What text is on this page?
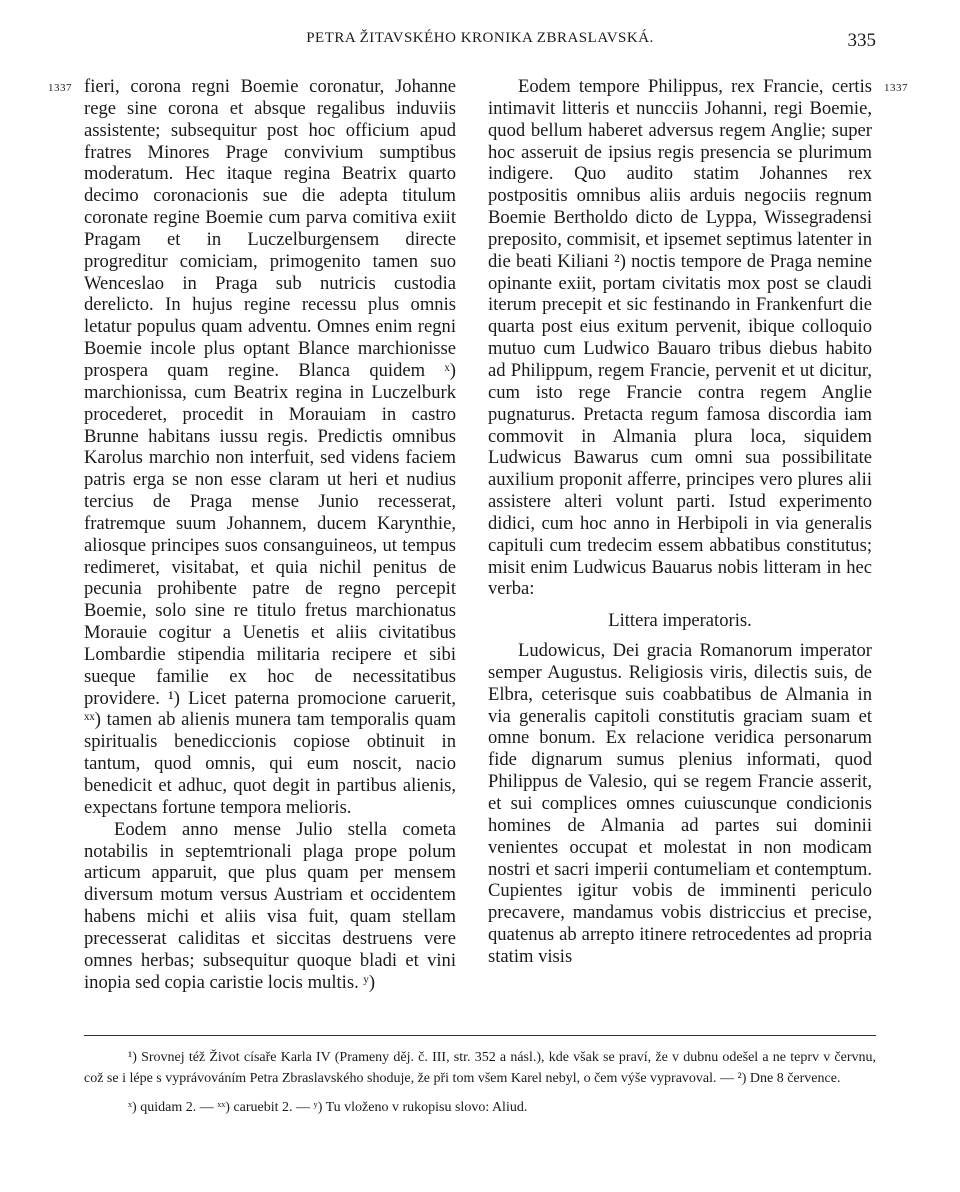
PETRA ŽITAVSKÉHO KRONIKA ZBRASLAVSKÁ.	335
1337	1337

fieri, corona regni Boemie coronatur, Johanne rege sine corona et absque regalibus induviis assistente; subsequitur post hoc officium apud fratres Minores Prage convivium sumptibus moderatum. Hec itaque regina Beatrix quarto decimo coronacionis sue die adepta titulum coronate regine Boemie cum parva comitiva exiit Pragam et in Luczelburgensem directe progreditur comiciam, primogenito tamen suo Wenceslao in Praga sub nutricis custodia derelicto. In hujus regine recessu plus omnis letatur populus quam adventu. Omnes enim regni Boemie incole plus optant Blance marchionisse prospera quam regine. Blanca quidem ˣ) marchionissa, cum Beatrix regina in Luczelburk procederet, procedit in Morauiam in castro Brunne habitans iussu regis. Predictis omnibus Karolus marchio non interfuit, sed videns faciem patris erga se non esse claram ut heri et nudius tercius de Praga mense Junio recesserat, fratremque suum Johannem, ducem Karynthie, aliosque principes suos consanguineos, ut tempus redimeret, visitabat, et quia nichil penitus de pecunia prohibente patre de regno percepit Boemie, solo sine re titulo fretus marchionatus Morauie cogitur a Uenetis et aliis civitatibus Lombardie stipendia militaria recipere et sibi sueque familie ex hoc de necessitatibus providere. ¹) Licet paterna promocione caruerit, ˣˣ) tamen ab alienis munera tam temporalis quam spiritualis benediccionis copiose obtinuit in tantum, quod omnis, qui eum noscit, nacio benedicit et adhuc, quot degit in partibus alienis, expectans fortune tempora melioris.

Eodem anno mense Julio stella cometa notabilis in septemtrionali plaga prope polum articum apparuit, que plus quam per mensem diversum motum versus Austriam et occidentem habens michi et aliis visa fuit, quam stellam precesserat caliditas et siccitas destruens vere omnes herbas; subsequitur quoque bladi et vini inopia sed copia caristie locis multis. ʸ)

Eodem tempore Philippus, rex Francie, certis intimavit litteris et nuncciis Johanni, regi Boemie, quod bellum haberet adversus regem Anglie; super hoc asseruit de ipsius regis presencia se plurimum indigere. Quo audito statim Johannes rex postpositis omnibus aliis arduis negociis regnum Boemie Bertholdo dicto de Lyppa, Wissegradensi preposito, commisit, et ipsemet septimus latenter in die beati Kiliani ²) noctis tempore de Praga nemine opinante exiit, portam civitatis mox post se claudi iterum precepit et sic festinando in Frankenfurt die quarta post eius exitum pervenit, ibique colloquio mutuo cum Ludwico Bauaro tribus diebus habito ad Philippum, regem Francie, pervenit et ut dicitur, cum isto rege Francie contra regem Anglie pugnaturus. Pretacta regum famosa discordia iam commovit in Almania plura loca, siquidem Ludwicus Bawarus cum omni sua possibilitate auxilium proponit afferre, principes vero plures alii assistere alteri volunt parti. Istud experimento didici, cum hoc anno in Herbipoli in via generalis capituli cum tredecim essem abbatibus constitutus; misit enim Ludwicus Bauarus nobis litteram in hec verba:

Littera imperatoris.

Ludowicus, Dei gracia Romanorum imperator semper Augustus. Religiosis viris, dilectis suis, de Elbra, ceterisque suis coabbatibus de Almania in via generalis capitoli constitutis graciam suam et omne bonum. Ex relacione veridica personarum fide dignarum sumus plenius informati, quod Philippus de Valesio, qui se regem Francie asserit, et sui complices omnes cuiuscunque condicionis homines de Almania ad partes sui dominii venientes occupat et molestat in non modicam nostri et sacri imperii contumeliam et contemptum. Cupientes igitur vobis de imminenti periculo precavere, mandamus vobis districcius et precise, quatenus ab arrepto itinere retrocedentes ad propria statim visis

¹) Srovnej též Život císaře Karla IV (Prameny děj. č. III, str. 352 a násl.), kde však se praví, že v dubnu odešel a ne teprv v červnu, což se i lépe s vyprávováním Petra Zbraslavského shoduje, že při tom všem Karel nebyl, o čem výše vypravoval. — ²) Dne 8 července.

ˣ) quidam 2. — ˣˣ) caruebit 2. — ʸ) Tu vloženo v rukopisu slovo: Aliud.
